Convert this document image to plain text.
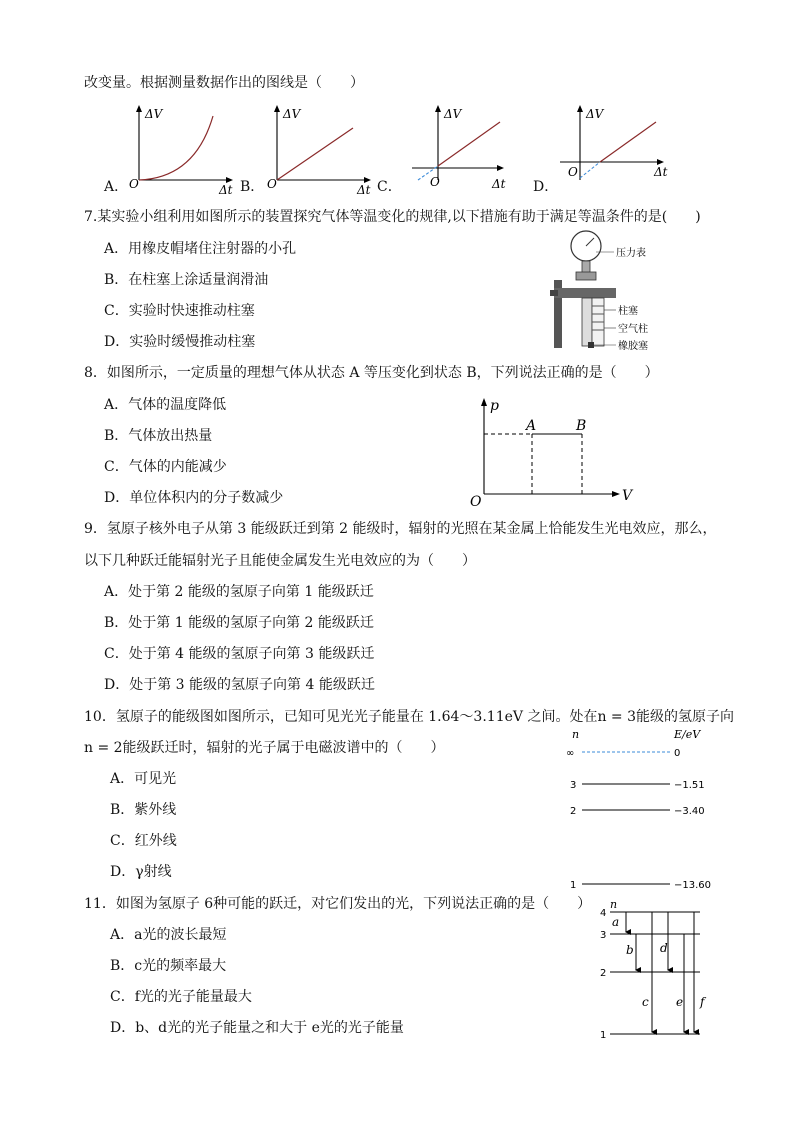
改变量。根据测量数据作出的图线是（　　）
A．
ΔV
Δt
O	B．
ΔV
Δt
O	C．
ΔV
Δt
O	D．
ΔV
Δt
O
7.某实验小组利用如图所示的装置探究气体等温变化的规律,以下措施有助于满足等温条件的是(　　)
A．用橡皮帽堵住注射器的小孔
B．在柱塞上涂适量润滑油
C．实验时快速推动柱塞
D．实验时缓慢推动柱塞
压力表
柱塞
空气柱
橡胶塞
8．如图所示，一定质量的理想气体从状态 A 等压变化到状态 B，下列说法正确的是（　　）
A．气体的温度降低
B．气体放出热量
C．气体的内能减少
D．单位体积内的分子数减少
p
V
O
A	B
9．氢原子核外电子从第 3 能级跃迁到第 2 能级时，辐射的光照在某金属上恰能发生光电效应，那么，
以下几种跃迁能辐射光子且能使金属发生光电效应的为（　　）
A．处于第 2 能级的氢原子向第 1 能级跃迁
B．处于第 1 能级的氢原子向第 2 能级跃迁
C．处于第 4 能级的氢原子向第 3 能级跃迁
D．处于第 3 能级的氢原子向第 4 能级跃迁
10．氢原子的能级图如图所示，已知可见光光子能量在 1.64～3.11eV 之间。处在n = 3能级的氢原子向
n = 2能级跃迁时，辐射的光子属于电磁波谱中的（　　）
A．可见光
B．紫外线
C．红外线
D．γ射线
n	E/eV
∞	0
3	−1.51
2	−3.40
1	−13.60
11．如图为氢原子 6种可能的跃迁，对它们发出的光，下列说法正确的是（　　）
A．a光的波长最短
B．c光的频率最大
C．f光的光子能量最大
D．b、d光的光子能量之和大于 e光的光子能量
n
4
3
2
1
a
b
c
d
e f
